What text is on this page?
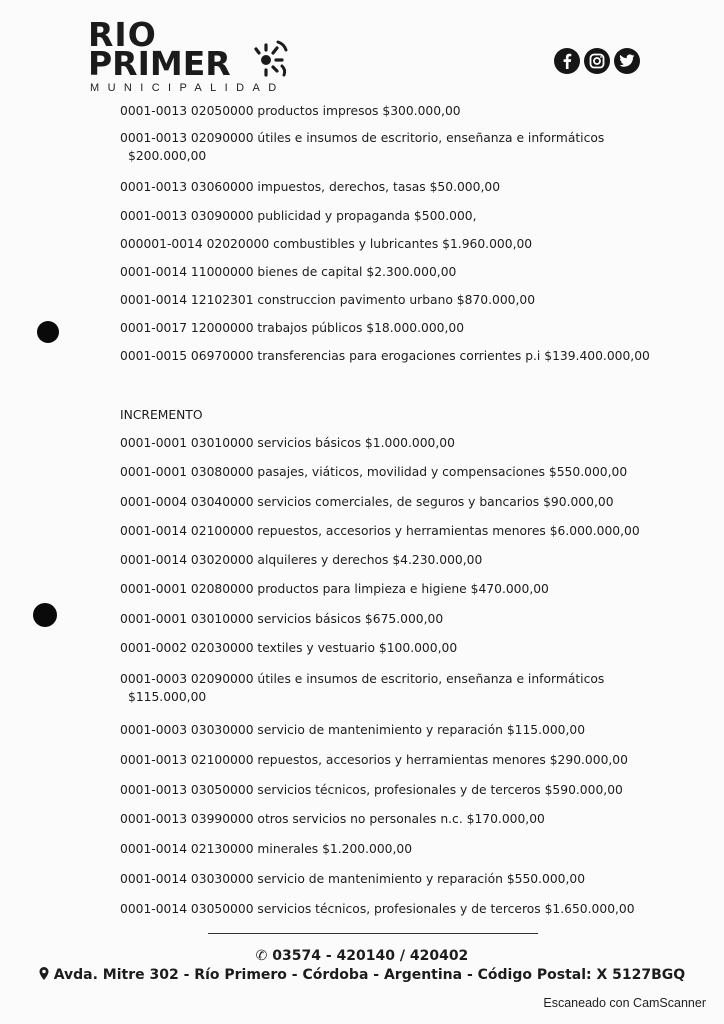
RIO
PRIMER
MUNICIPALIDAD
0001-0013 02050000 productos impresos $300.000,00
0001-0013 02090000 útiles e insumos de escritorio, enseñanza e informáticos
$200.000,00
0001-0013 03060000 impuestos, derechos, tasas $50.000,00
0001-0013 03090000 publicidad y propaganda $500.000,
000001-0014 02020000 combustibles y lubricantes $1.960.000,00
0001-0014 11000000 bienes de capital $2.300.000,00
0001-0014 12102301 construccion pavimento urbano $870.000,00
0001-0017 12000000 trabajos públicos $18.000.000,00
0001-0015 06970000 transferencias para erogaciones corrientes p.i $139.400.000,00
INCREMENTO
0001-0001 03010000 servicios básicos $1.000.000,00
0001-0001 03080000 pasajes, viáticos, movilidad y compensaciones $550.000,00
0001-0004 03040000 servicios comerciales, de seguros y bancarios $90.000,00
0001-0014 02100000 repuestos, accesorios y herramientas menores $6.000.000,00
0001-0014 03020000 alquileres y derechos $4.230.000,00
0001-0001 02080000 productos para limpieza e higiene $470.000,00
0001-0001 03010000 servicios básicos $675.000,00
0001-0002 02030000 textiles y vestuario $100.000,00
0001-0003 02090000 útiles e insumos de escritorio, enseñanza e informáticos
$115.000,00
0001-0003 03030000 servicio de mantenimiento y reparación $115.000,00
0001-0013 02100000 repuestos, accesorios y herramientas menores $290.000,00
0001-0013 03050000 servicios técnicos, profesionales y de terceros $590.000,00
0001-0013 03990000 otros servicios no personales n.c. $170.000,00
0001-0014 02130000 minerales $1.200.000,00
0001-0014 03030000 servicio de mantenimiento y reparación $550.000,00
0001-0014 03050000 servicios técnicos, profesionales y de terceros $1.650.000,00
✆ 03574 - 420140 / 420402
Avda. Mitre 302 - Río Primero - Córdoba - Argentina - Código Postal: X 5127BGQ
Escaneado con CamScanner
